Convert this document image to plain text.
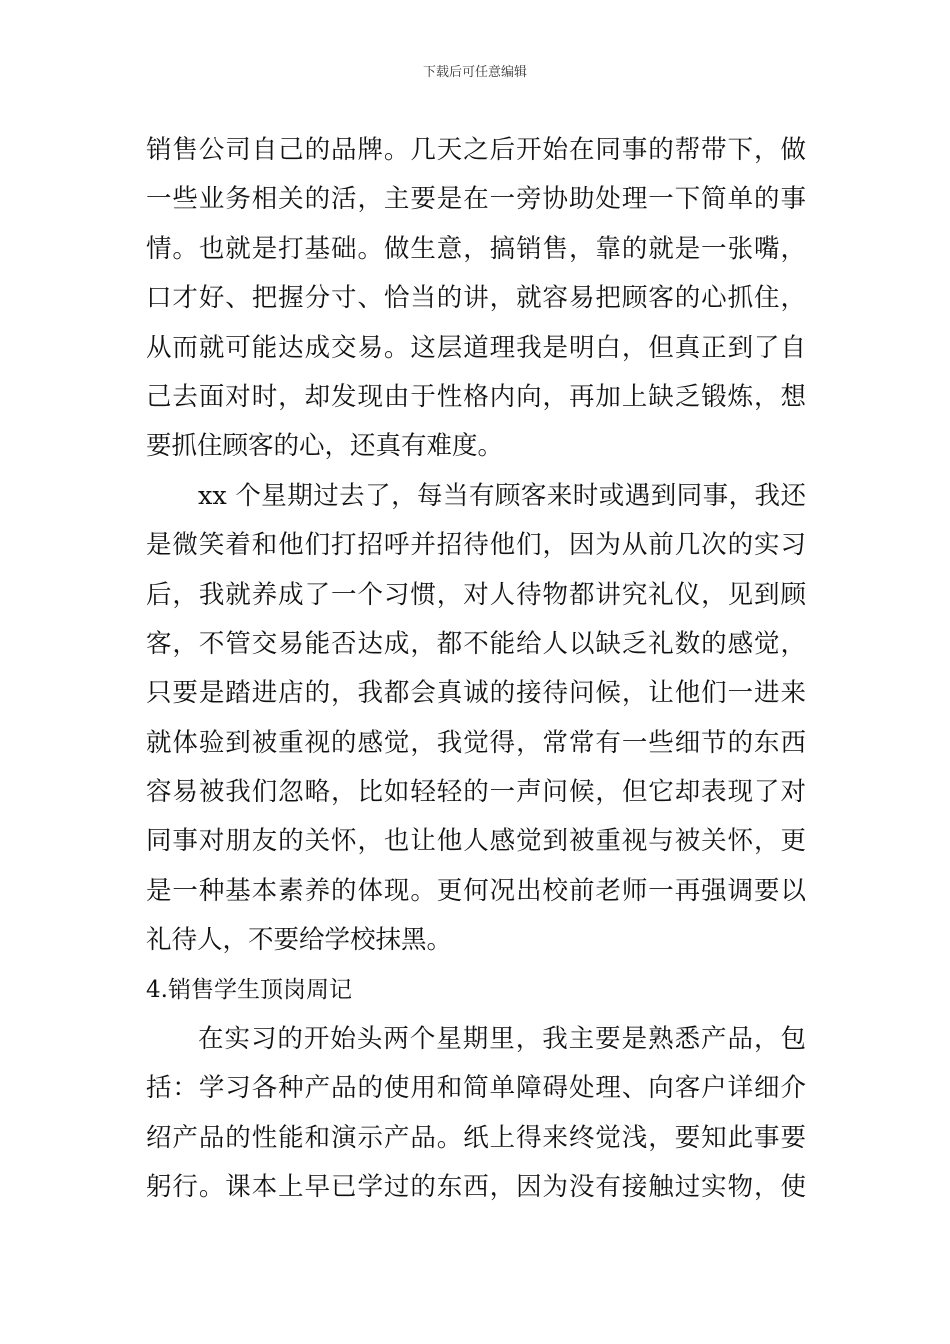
下载后可任意编辑
销售公司自己的品牌。几天之后开始在同事的帮带下，做
一些业务相关的活，主要是在一旁协助处理一下简单的事
情。也就是打基础。做生意，搞销售，靠的就是一张嘴，
口才好、把握分寸、恰当的讲，就容易把顾客的心抓住，
从而就可能达成交易。这层道理我是明白，但真正到了自
己去面对时，却发现由于性格内向，再加上缺乏锻炼，想
要抓住顾客的心，还真有难度。
xx 个星期过去了，每当有顾客来时或遇到同事，我还
是微笑着和他们打招呼并招待他们，因为从前几次的实习
后，我就养成了一个习惯，对人待物都讲究礼仪，见到顾
客，不管交易能否达成，都不能给人以缺乏礼数的感觉，
只要是踏进店的，我都会真诚的接待问候，让他们一进来
就体验到被重视的感觉，我觉得，常常有一些细节的东西
容易被我们忽略，比如轻轻的一声问候，但它却表现了对
同事对朋友的关怀，也让他人感觉到被重视与被关怀，更
是一种基本素养的体现。更何况出校前老师一再强调要以
礼待人，不要给学校抹黑。
4.销售学生顶岗周记
在实习的开始头两个星期里，我主要是熟悉产品，包
括：学习各种产品的使用和简单障碍处理、向客户详细介
绍产品的性能和演示产品。纸上得来终觉浅，要知此事要
躬行。课本上早已学过的东西，因为没有接触过实物，使
